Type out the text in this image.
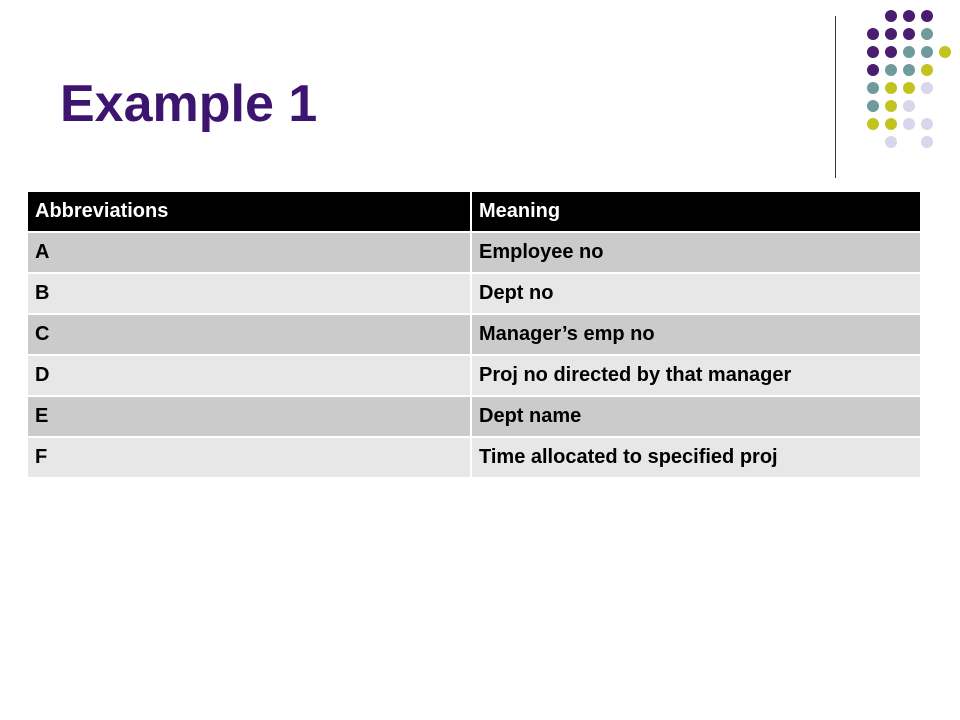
Example 1
Abbreviations	Meaning
A	Employee no
B	Dept no
C	Manager’s emp no
D	Proj no directed by that manager
E	Dept name
F	Time allocated to specified proj
